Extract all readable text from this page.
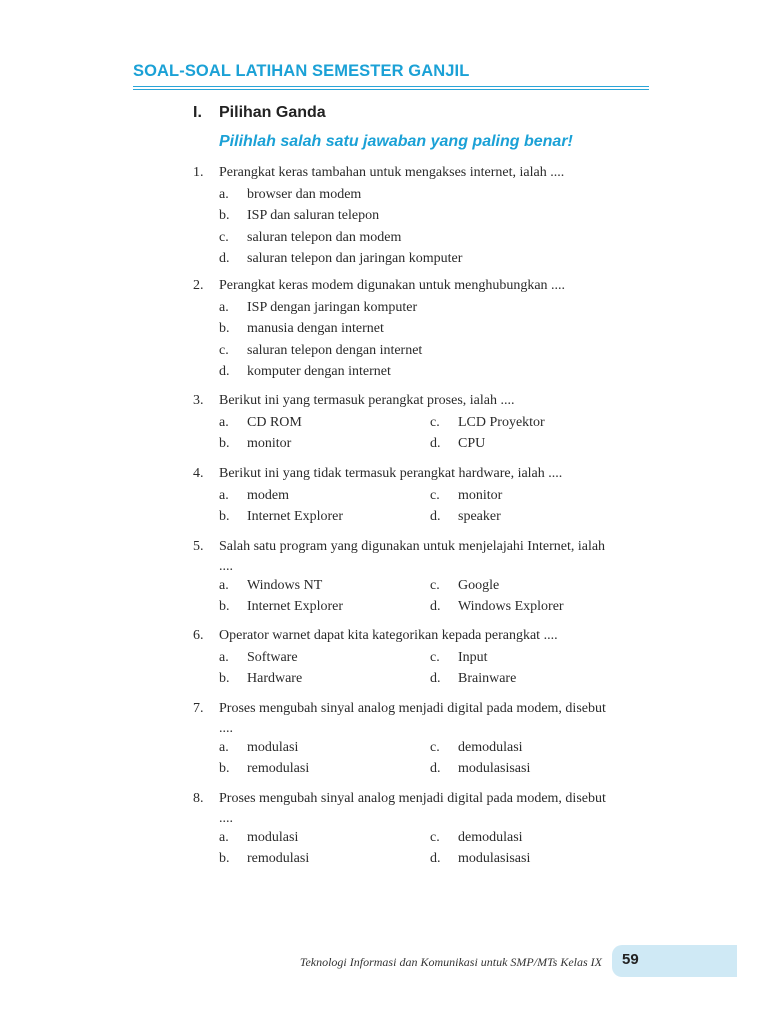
SOAL-SOAL LATIHAN SEMESTER GANJIL
I. Pilihan Ganda
Pilihlah salah satu jawaban yang paling benar!
1. Perangkat keras tambahan untuk mengakses internet, ialah ....
a. browser dan modem
b. ISP dan saluran telepon
c. saluran telepon dan modem
d. saluran telepon dan jaringan komputer
2. Perangkat keras modem digunakan untuk menghubungkan ....
a. ISP dengan jaringan komputer
b. manusia dengan internet
c. saluran telepon dengan internet
d. komputer dengan internet
3. Berikut ini yang termasuk perangkat proses, ialah ....
a. CD ROM	c. LCD Proyektor
b. monitor	d. CPU
4. Berikut ini yang tidak termasuk perangkat hardware, ialah ....
a. modem	c. monitor
b. Internet Explorer	d. speaker
5. Salah satu program yang digunakan untuk menjelajahi Internet, ialah
....
a. Windows NT	c. Google
b. Internet Explorer	d. Windows Explorer
6. Operator warnet dapat kita kategorikan kepada perangkat ....
a. Software	c. Input
b. Hardware	d. Brainware
7. Proses mengubah sinyal analog menjadi digital pada modem, disebut
....
a. modulasi	c. demodulasi
b. remodulasi	d. modulasisasi
8. Proses mengubah sinyal analog menjadi digital pada modem, disebut
....
a. modulasi	c. demodulasi
b. remodulasi	d. modulasisasi
Teknologi Informasi dan Komunikasi untuk SMP/MTs Kelas IX 59
